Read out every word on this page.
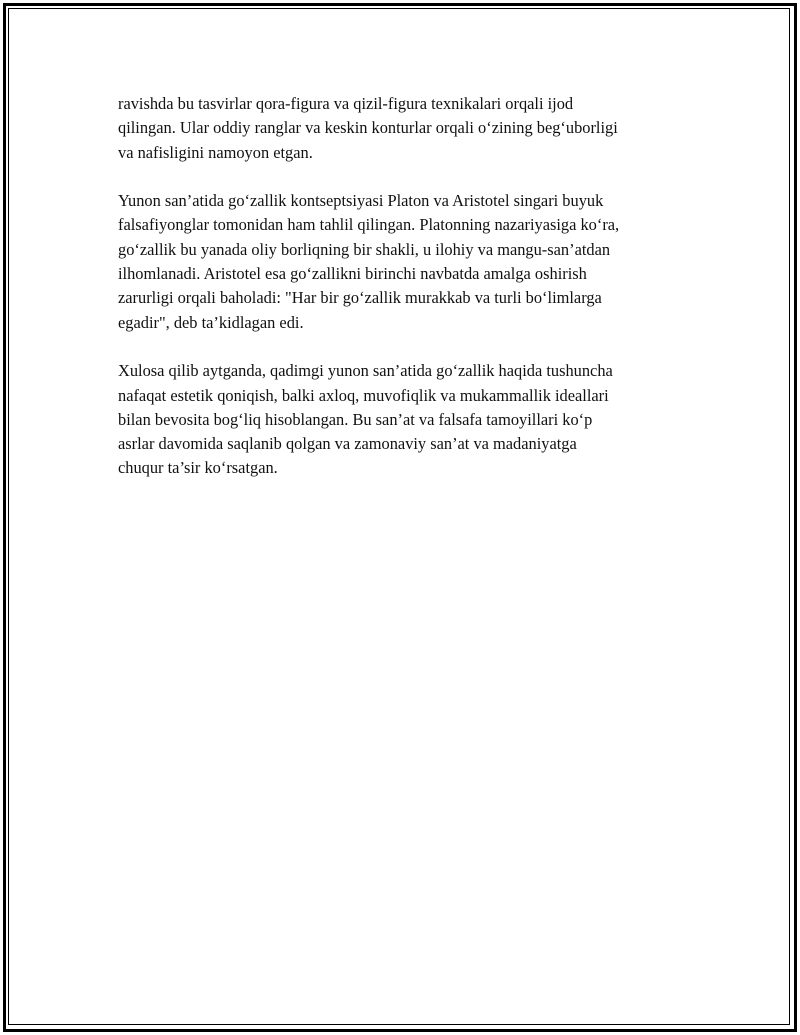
ravishda bu tasvirlar qora-figura va qizil-figura texnikalari orqali ijod
qilingan. Ular oddiy ranglar va keskin konturlar orqali o‘zining beg‘uborligi
va nafisligini namoyon etgan.

Yunon san’atida go‘zallik kontseptsiyasi Platon va Aristotel singari buyuk
falsafiyonglar tomonidan ham tahlil qilingan. Platonning nazariyasiga ko‘ra,
go‘zallik bu yanada oliy borliqning bir shakli, u ilohiy va mangu-san’atdan
ilhomlanadi. Aristotel esa go‘zallikni birinchi navbatda amalga oshirish
zarurligi orqali baholadi: "Har bir go‘zallik murakkab va turli bo‘limlarga
egadir", deb ta’kidlagan edi.

Xulosa qilib aytganda, qadimgi yunon san’atida go‘zallik haqida tushuncha
nafaqat estetik qoniqish, balki axloq, muvofiqlik va mukammallik ideallari
bilan bevosita bog‘liq hisoblangan. Bu san’at va falsafa tamoyillari ko‘p
asrlar davomida saqlanib qolgan va zamonaviy san’at va madaniyatga
chuqur ta’sir ko‘rsatgan.
